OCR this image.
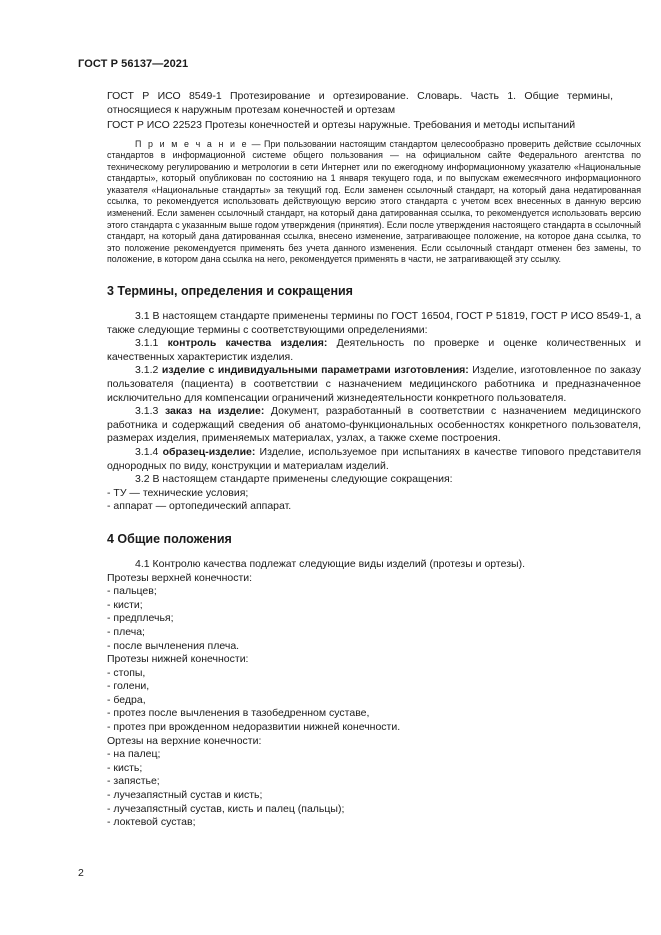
ГОСТ Р 56137—2021

ГОСТ Р ИСО 8549-1 Протезирование и ортезирование. Словарь. Часть 1. Общие термины, относящиеся к наружным протезам конечностей и ортезам

ГОСТ Р ИСО 22523 Протезы конечностей и ортезы наружные. Требования и методы испытаний

П р и м е ч а н и е — При пользовании настоящим стандартом целесообразно проверить действие ссылочных стандартов в информационной системе общего пользования — на официальном сайте Федерального агентства по техническому регулированию и метрологии в сети Интернет или по ежегодному информационному указателю «Национальные стандарты», который опубликован по состоянию на 1 января текущего года, и по выпускам ежемесячного информационного указателя «Национальные стандарты» за текущий год. Если заменен ссылочный стандарт, на который дана недатированная ссылка, то рекомендуется использовать действующую версию этого стандарта с учетом всех внесенных в данную версию изменений. Если заменен ссылочный стандарт, на который дана датированная ссылка, то рекомендуется использовать версию этого стандарта с указанным выше годом утверждения (принятия). Если после утверждения настоящего стандарта в ссылочный стандарт, на который дана датированная ссылка, внесено изменение, затрагивающее положение, на которое дана ссылка, то это положение рекомендуется применять без учета данного изменения. Если ссылочный стандарт отменен без замены, то положение, в котором дана ссылка на него, рекомендуется применять в части, не затрагивающей эту ссылку.

3 Термины, определения и сокращения

3.1 В настоящем стандарте применены термины по ГОСТ 16504, ГОСТ Р 51819, ГОСТ Р ИСО 8549-1, а также следующие термины с соответствующими определениями:

3.1.1 контроль качества изделия: Деятельность по проверке и оценке количественных и качественных характеристик изделия.

3.1.2 изделие с индивидуальными параметрами изготовления: Изделие, изготовленное по заказу пользователя (пациента) в соответствии с назначением медицинского работника и предназначенное исключительно для компенсации ограничений жизнедеятельности конкретного пользователя.

3.1.3 заказ на изделие: Документ, разработанный в соответствии с назначением медицинского работника и содержащий сведения об анатомо-функциональных особенностях конкретного пользователя, размерах изделия, применяемых материалах, узлах, а также схеме построения.

3.1.4 образец-изделие: Изделие, используемое при испытаниях в качестве типового представителя однородных по виду, конструкции и материалам изделий.

3.2 В настоящем стандарте применены следующие сокращения:

- ТУ — технические условия;

- аппарат — ортопедический аппарат.

4 Общие положения

4.1 Контролю качества подлежат следующие виды изделий (протезы и ортезы).

Протезы верхней конечности:

- пальцев;

- кисти;

- предплечья;

- плеча;

- после вычленения плеча.

Протезы нижней конечности:

- стопы,

- голени,

- бедра,

- протез после вычленения в тазобедренном суставе,

- протез при врожденном недоразвитии нижней конечности.

Ортезы на верхние конечности:

- на палец;

- кисть;

- запястье;

- лучезапястный сустав и кисть;

- лучезапястный сустав, кисть и палец (пальцы);

- локтевой сустав;

2
